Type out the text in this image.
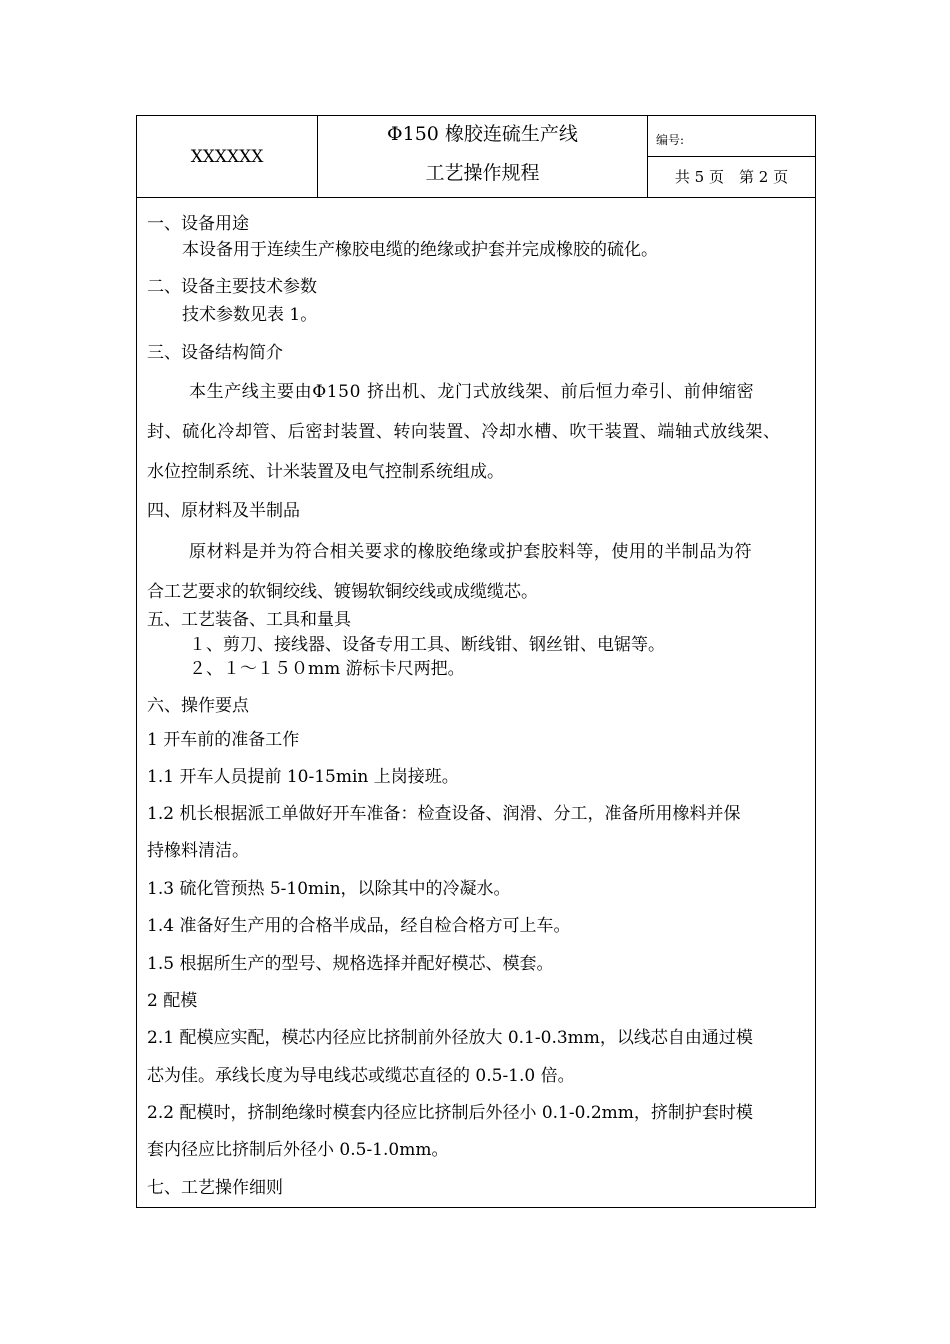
XXXXXX
Φ150 橡胶连硫生产线
工艺操作规程
编号:
共 5 页　第 2 页
一、设备用途
本设备用于连续生产橡胶电缆的绝缘或护套并完成橡胶的硫化。
二、设备主要技术参数
技术参数见表 1。
三、设备结构简介
本生产线主要由Φ150 挤出机、龙门式放线架、前后恒力牵引、前伸缩密
封、硫化冷却管、后密封装置、转向装置、冷却水槽、吹干装置、端轴式放线架、
水位控制系统、计米装置及电气控制系统组成。
四、原材料及半制品
原材料是并为符合相关要求的橡胶绝缘或护套胶料等，使用的半制品为符
合工艺要求的软铜绞线、镀锡软铜绞线或成缆缆芯。
五、工艺装备、工具和量具
１、剪刀、接线器、设备专用工具、断线钳、钢丝钳、电锯等。
２、１～１５０mm 游标卡尺两把。
六、操作要点
1 开车前的准备工作
1.1 开车人员提前 10-15min 上岗接班。
1.2 机长根据派工单做好开车准备：检查设备、润滑、分工，准备所用橡料并保
持橡料清洁。
1.3 硫化管预热 5-10min，以除其中的冷凝水。
1.4 准备好生产用的合格半成品，经自检合格方可上车。
1.5 根据所生产的型号、规格选择并配好模芯、模套。
2 配模
2.1 配模应实配，模芯内径应比挤制前外径放大 0.1-0.3mm，以线芯自由通过模
芯为佳。承线长度为导电线芯或缆芯直径的 0.5-1.0 倍。
2.2 配模时，挤制绝缘时模套内径应比挤制后外径小 0.1-0.2mm，挤制护套时模
套内径应比挤制后外径小 0.5-1.0mm。
七、工艺操作细则
